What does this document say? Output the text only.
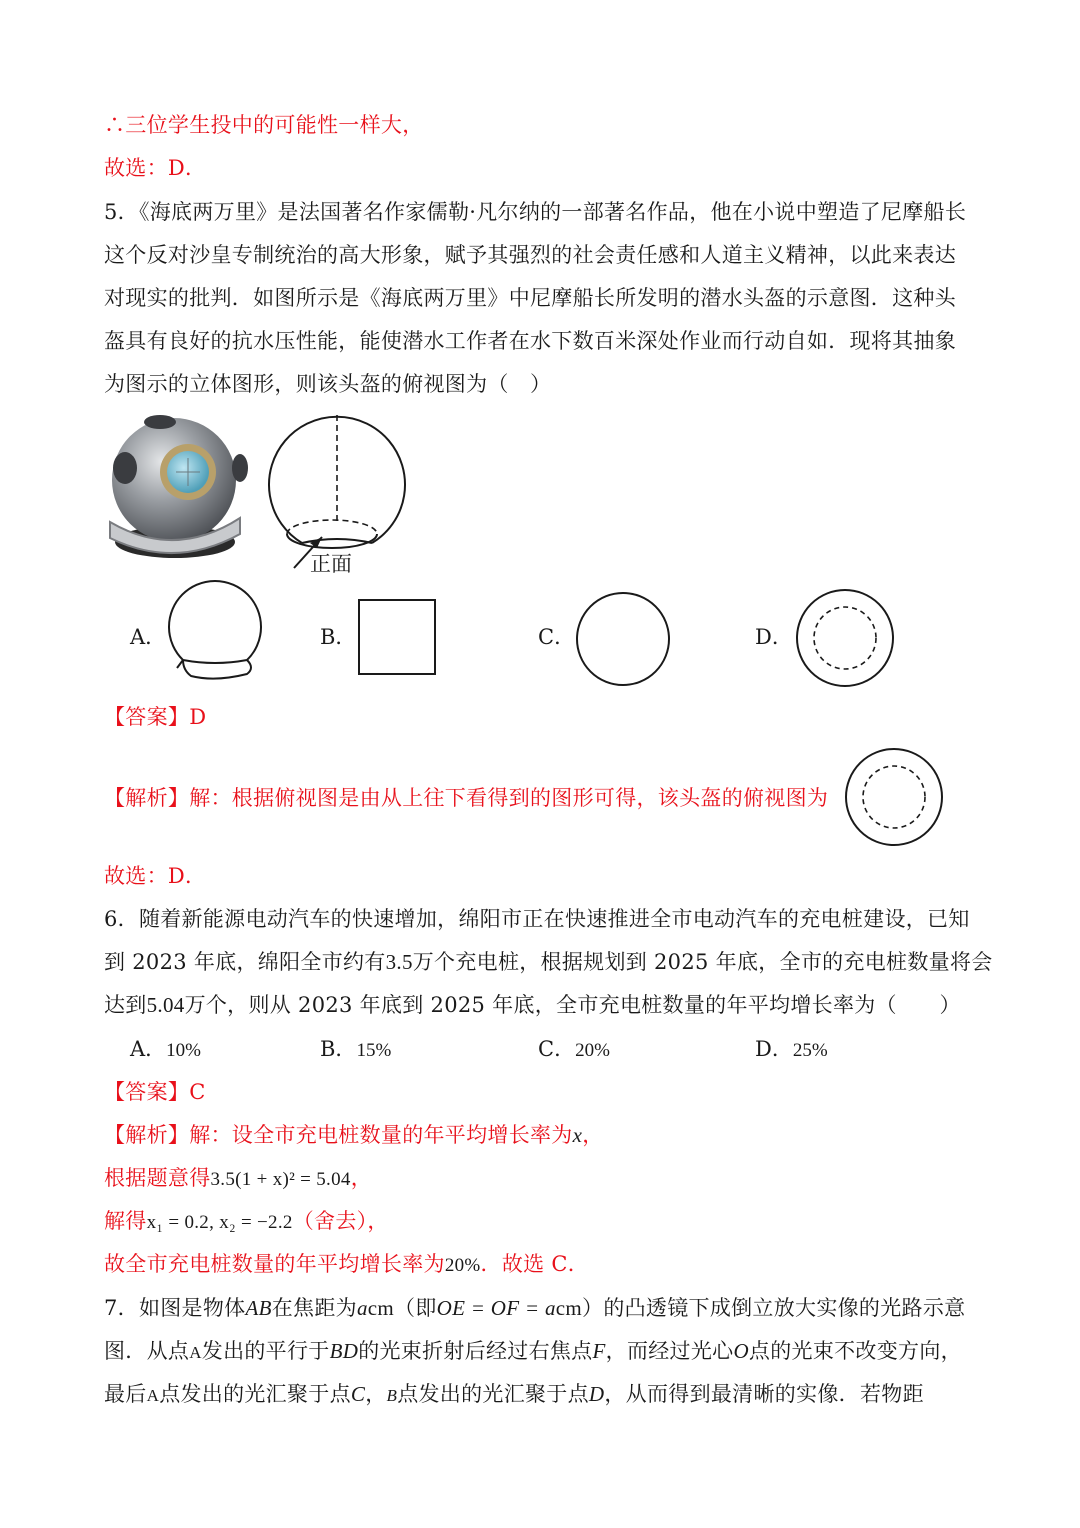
∴三位学生投中的可能性一样大，
故选：D．
5．《海底两万里》是法国著名作家儒勒·凡尔纳的一部著名作品，他在小说中塑造了尼摩船长
这个反对沙皇专制统治的高大形象，赋予其强烈的社会责任感和人道主义精神，以此来表达
对现实的批判．如图所示是《海底两万里》中尼摩船长所发明的潜水头盔的示意图．这种头
盔具有良好的抗水压性能，能使潜水工作者在水下数百米深处作业而行动自如．现将其抽象
为图示的立体图形，则该头盔的俯视图为（　）
正面
A．	B．	C．	D．
【答案】D
【解析】解：根据俯视图是由从上往下看得到的图形可得，该头盔的俯视图为
故选：D．
6．随着新能源电动汽车的快速增加，绵阳市正在快速推进全市电动汽车的充电桩建设，已知
到 2023 年底，绵阳全市约有3.5万个充电桩，根据规划到 2025 年底，全市的充电桩数量将会
达到5.04万个，则从 2023 年底到 2025 年底，全市充电桩数量的年平均增长率为（　　）
A．10%	B．15%	C．20%	D．25%
【答案】C
【解析】解：设全市充电桩数量的年平均增长率为x，
根据题意得3.5(1 + x)² = 5.04，
解得x₁ = 0.2, x₂ = −2.2（舍去），
故全市充电桩数量的年平均增长率为20%．故选 C．
7．如图是物体AB在焦距为acm（即OE = OF = acm）的凸透镜下成倒立放大实像的光路示意
图．从点A发出的平行于BD的光束折射后经过右焦点F，而经过光心O点的光束不改变方向，
最后A点发出的光汇聚于点C，B点发出的光汇聚于点D，从而得到最清晰的实像．若物距
